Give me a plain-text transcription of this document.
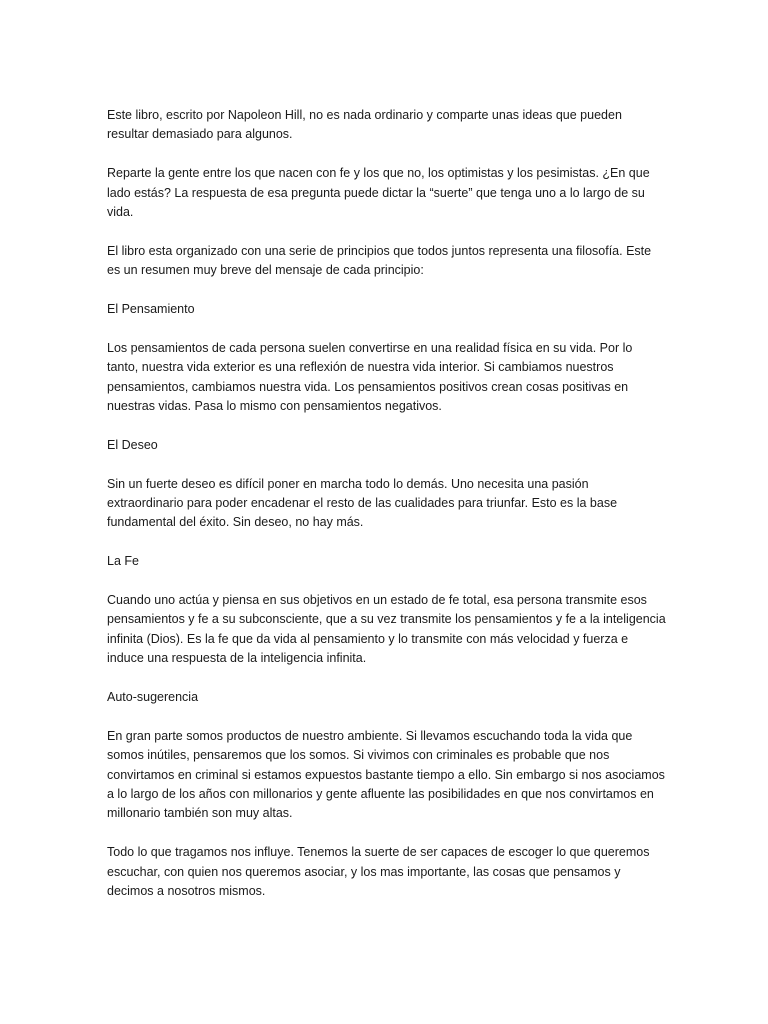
Este libro, escrito por Napoleon Hill, no es nada ordinario y comparte unas ideas que pueden resultar demasiado para algunos.

Reparte la gente entre los que nacen con fe y los que no, los optimistas y los pesimistas. ¿En que lado estás? La respuesta de esa pregunta puede dictar la “suerte” que tenga uno a lo largo de su vida.

El libro esta organizado con una serie de principios que todos juntos representa una filosofía. Este es un resumen muy breve del mensaje de cada principio:

El Pensamiento

Los pensamientos de cada persona suelen convertirse en una realidad física en su vida. Por lo tanto, nuestra vida exterior es una reflexión de nuestra vida interior. Si cambiamos nuestros pensamientos, cambiamos nuestra vida. Los pensamientos positivos crean cosas positivas en nuestras vidas. Pasa lo mismo con pensamientos negativos.

El Deseo

Sin un fuerte deseo es difícil poner en marcha todo lo demás. Uno necesita una pasión extraordinario para poder encadenar el resto de las cualidades para triunfar. Esto es la base fundamental del éxito. Sin deseo, no hay más.

La Fe

Cuando uno actúa y piensa en sus objetivos en un estado de fe total, esa persona transmite esos pensamientos y fe a su subconsciente, que a su vez transmite los pensamientos y fe a la inteligencia infinita (Dios). Es la fe que da vida al pensamiento y lo transmite con más velocidad y fuerza e induce una respuesta de la inteligencia infinita.

Auto-sugerencia

En gran parte somos productos de nuestro ambiente. Si llevamos escuchando toda la vida que somos inútiles, pensaremos que los somos. Si vivimos con criminales es probable que nos convirtamos en criminal si estamos expuestos bastante tiempo a ello. Sin embargo si nos asociamos a lo largo de los años con millonarios y gente afluente las posibilidades en que nos convirtamos en millonario también son muy altas.

Todo lo que tragamos nos influye. Tenemos la suerte de ser capaces de escoger lo que queremos escuchar, con quien nos queremos asociar, y los mas importante, las cosas que pensamos y decimos a nosotros mismos.
